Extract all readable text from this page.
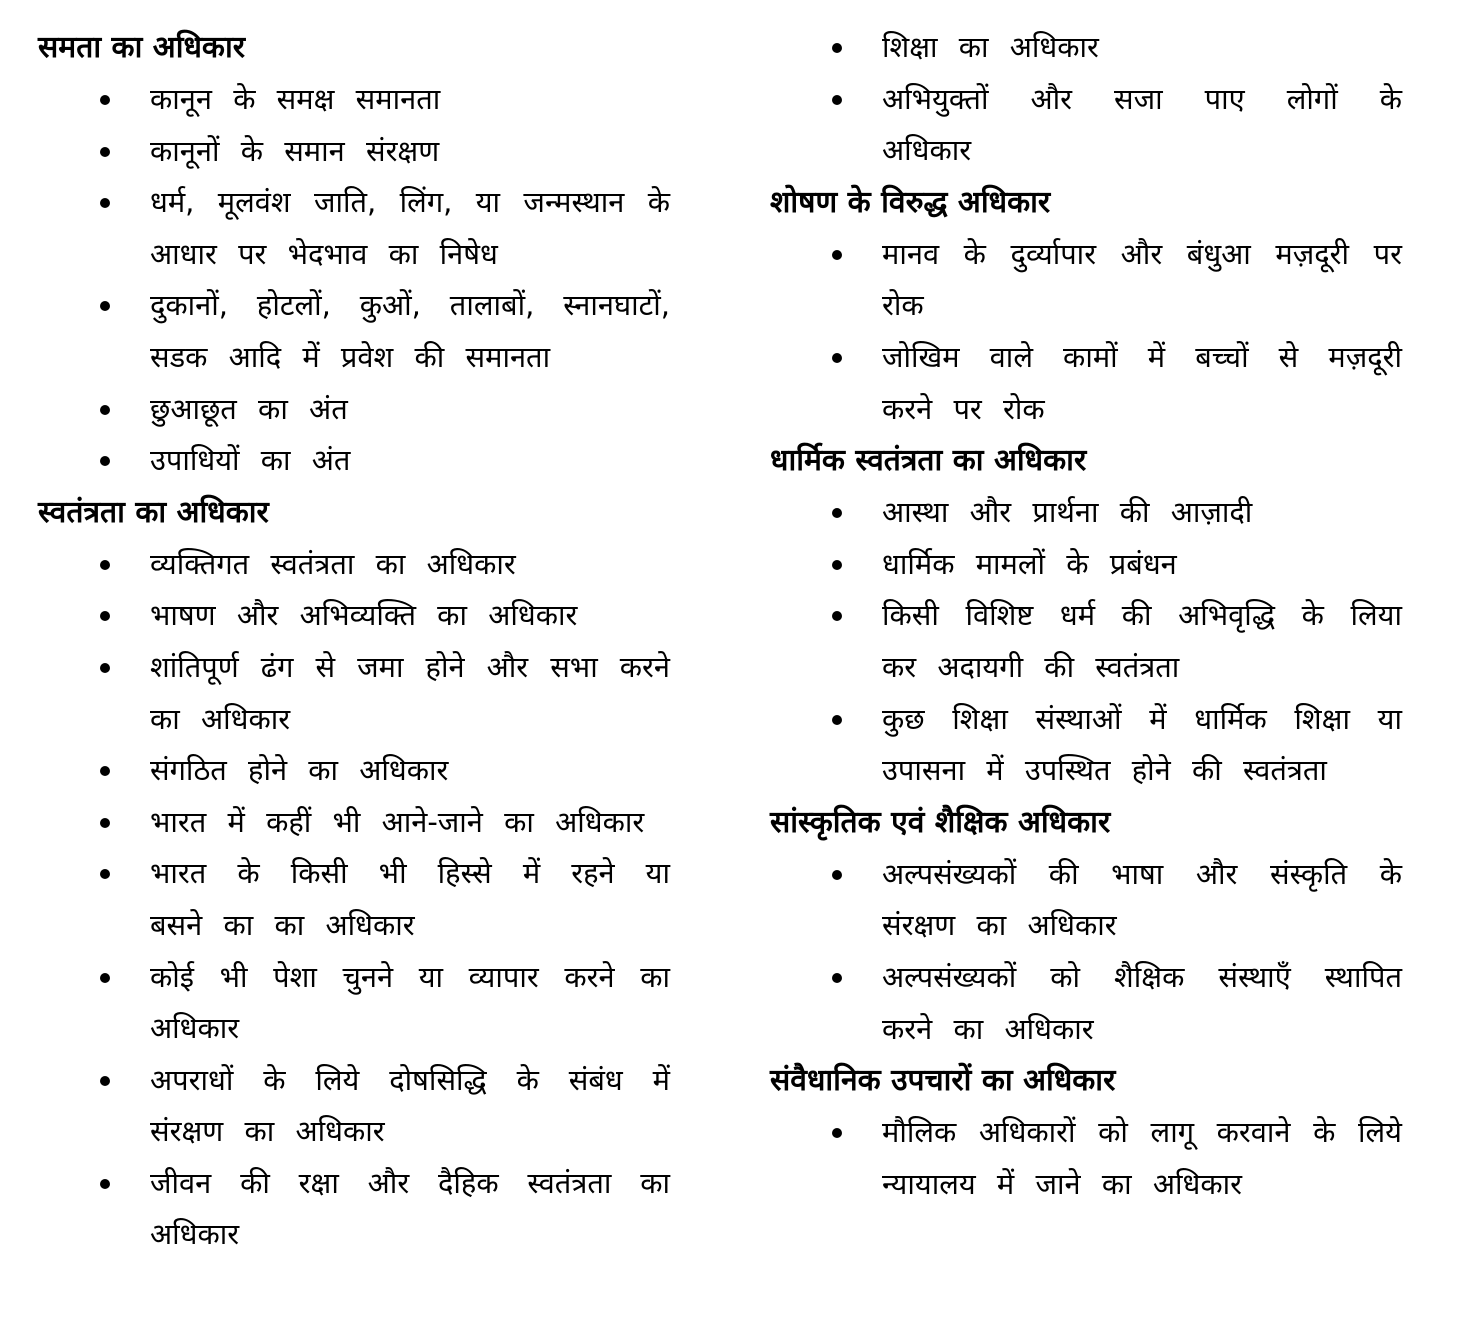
समता का अधिकार
कानून के समक्ष समानता
कानूनों के समान संरक्षण
धर्म, मूलवंश जाति, लिंग, या जन्मस्थान के आधार पर भेदभाव का निषेध
दुकानों, होटलों, कुओं, तालाबों, स्नानघाटों, सडक आदि में प्रवेश की समानता
छुआछूत का अंत
उपाधियों का अंत
स्वतंत्रता का अधिकार
व्यक्तिगत स्वतंत्रता का अधिकार
भाषण और अभिव्यक्ति का अधिकार
शांतिपूर्ण ढंग से जमा होने और सभा करने का अधिकार
संगठित होने का अधिकार
भारत में कहीं भी आने-जाने का अधिकार
भारत के किसी भी हिस्से में रहने या बसने का का अधिकार
कोई भी पेशा चुनने या व्यापार करने का अधिकार
अपराधों के लिये दोषसिद्धि के संबंध में संरक्षण का अधिकार
जीवन की रक्षा और दैहिक स्वतंत्रता का अधिकार
शिक्षा का अधिकार
अभियुक्तों और सजा पाए लोगों के अधिकार
शोषण के विरुद्ध अधिकार
मानव के दुर्व्यापार और बंधुआ मज़दूरी पर रोक
जोखिम वाले कामों में बच्चों से मज़दूरी करने पर रोक
धार्मिक स्वतंत्रता का अधिकार
आस्था और प्रार्थना की आज़ादी
धार्मिक मामलों के प्रबंधन
किसी विशिष्ट धर्म की अभिवृद्धि के लिया कर अदायगी की स्वतंत्रता
कुछ शिक्षा संस्थाओं में धार्मिक शिक्षा या उपासना में उपस्थित होने की स्वतंत्रता
सांस्कृतिक एवं शैक्षिक अधिकार
अल्पसंख्यकों की भाषा और संस्कृति के संरक्षण का अधिकार
अल्पसंख्यकों को शैक्षिक संस्थाएँ स्थापित करने का अधिकार
संवैधानिक उपचारों का अधिकार
मौलिक अधिकारों को लागू करवाने के लिये न्यायालय में जाने का अधिकार
